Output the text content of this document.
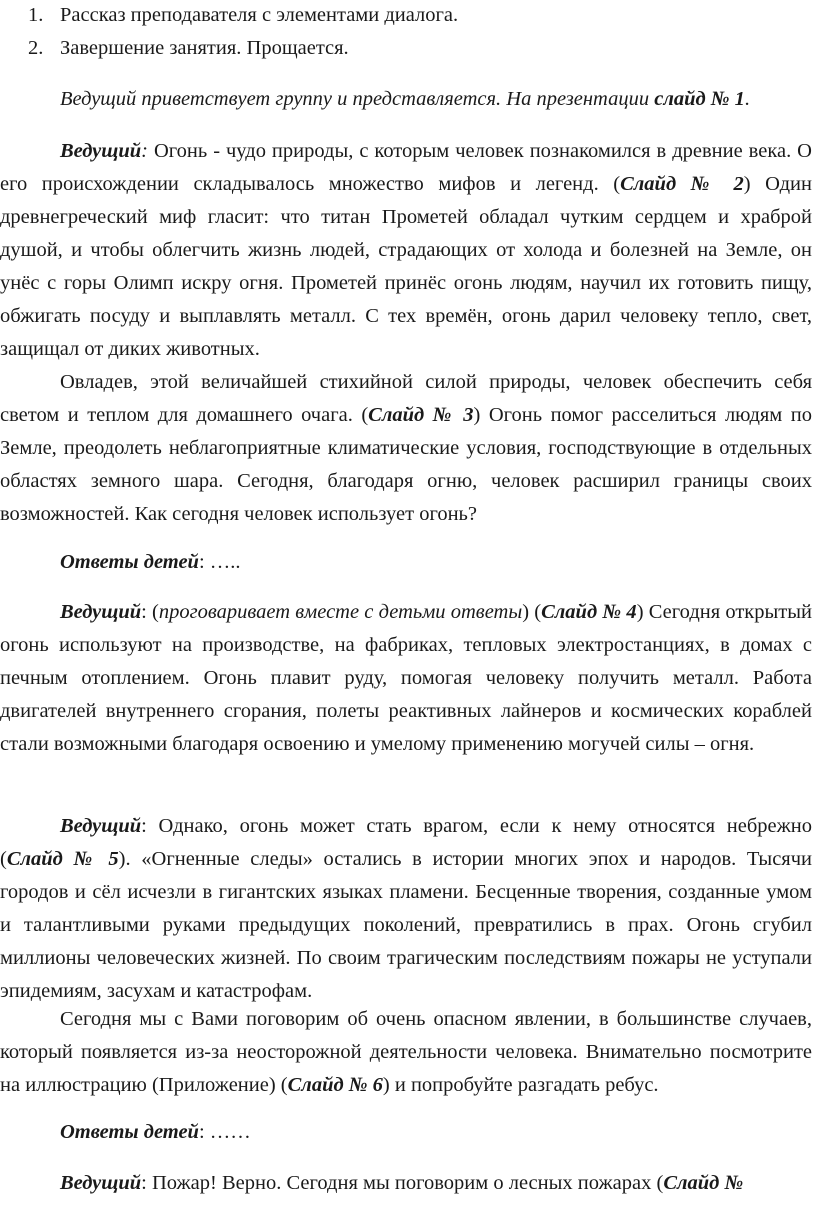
1. Рассказ преподавателя с элементами диалога.
2. Завершение занятия. Прощается.

Ведущий приветствует группу и представляется. На презентации слайд № 1.

Ведущий: Огонь - чудо природы, с которым человек познакомился в древние века. О его происхождении складывалось множество мифов и легенд. (Слайд № 2) Один древнегреческий миф гласит: что титан Прометей обладал чутким сердцем и храброй душой, и чтобы облегчить жизнь людей, страдающих от холода и болезней на Земле, он унёс с горы Олимп искру огня. Прометей принёс огонь людям, научил их готовить пищу, обжигать посуду и выплавлять металл. С тех времён, огонь дарил человеку тепло, свет, защищал от диких животных.

Овладев, этой величайшей стихийной силой природы, человек обеспечить себя светом и теплом для домашнего очага. (Слайд № 3) Огонь помог расселиться людям по Земле, преодолеть неблагоприятные климатические условия, господствующие в отдельных областях земного шара. Сегодня, благодаря огню, человек расширил границы своих возможностей. Как сегодня человек использует огонь?

Ответы детей: …..

Ведущий: (проговаривает вместе с детьми ответы) (Слайд № 4) Сегодня открытый огонь используют на производстве, на фабриках, тепловых электростанциях, в домах с печным отоплением. Огонь плавит руду, помогая человеку получить металл. Работа двигателей внутреннего сгорания, полеты реактивных лайнеров и космических кораблей стали возможными благодаря освоению и умелому применению могучей силы – огня.

Ведущий: Однако, огонь может стать врагом, если к нему относятся небрежно (Слайд № 5). «Огненные следы» остались в истории многих эпох и народов. Тысячи городов и сёл исчезли в гигантских языках пламени. Бесценные творения, созданные умом и талантливыми руками предыдущих поколений, превратились в прах. Огонь сгубил миллионы человеческих жизней. По своим трагическим последствиям пожары не уступали эпидемиям, засухам и катастрофам.

Сегодня мы с Вами поговорим об очень опасном явлении, в большинстве случаев, который появляется из-за неосторожной деятельности человека. Внимательно посмотрите на иллюстрацию (Приложение) (Слайд № 6) и попробуйте разгадать ребус.

Ответы детей: ……

Ведущий: Пожар! Верно. Сегодня мы поговорим о лесных пожарах (Слайд №
